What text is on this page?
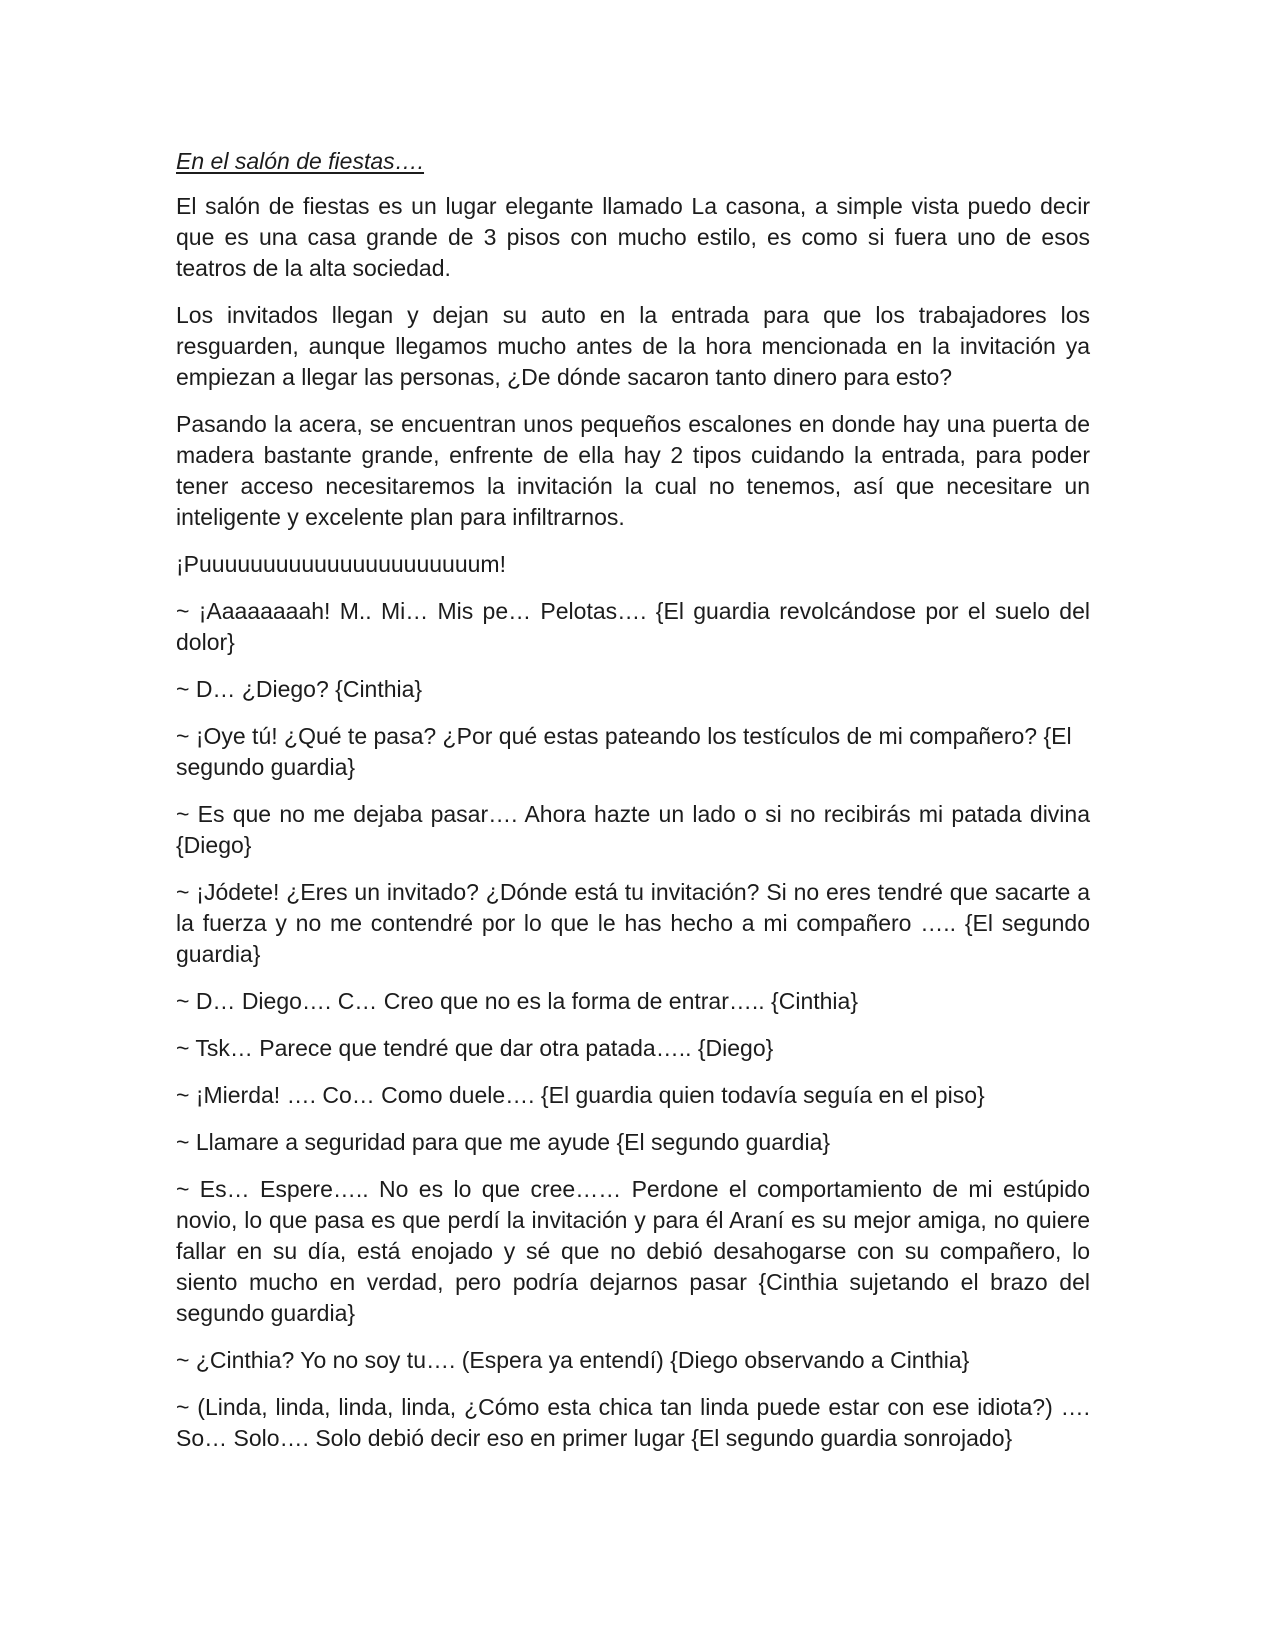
En el salón de fiestas….

El salón de fiestas es un lugar elegante llamado La casona, a simple vista puedo decir que es una casa grande de 3 pisos con mucho estilo, es como si fuera uno de esos teatros de la alta sociedad.

Los invitados llegan y dejan su auto en la entrada para que los trabajadores los resguarden, aunque llegamos mucho antes de la hora mencionada en la invitación ya empiezan a llegar las personas, ¿De dónde sacaron tanto dinero para esto?

Pasando la acera, se encuentran unos pequeños escalones en donde hay una puerta de madera bastante grande, enfrente de ella hay 2 tipos cuidando la entrada, para poder tener acceso necesitaremos la invitación la cual no tenemos, así que necesitare un inteligente y excelente plan para infiltrarnos.

¡Puuuuuuuuuuuuuuuuuuuuuum!

~ ¡Aaaaaaaah! M.. Mi… Mis pe… Pelotas…. {El guardia revolcándose por el suelo del dolor}

~ D… ¿Diego? {Cinthia}

~ ¡Oye tú! ¿Qué te pasa? ¿Por qué estas pateando los testículos de mi compañero? {El segundo guardia}

~ Es que no me dejaba pasar…. Ahora hazte un lado o si no recibirás mi patada divina {Diego}

~ ¡Jódete! ¿Eres un invitado? ¿Dónde está tu invitación? Si no eres tendré que sacarte a la fuerza y no me contendré por lo que le has hecho a mi compañero ….. {El segundo guardia}

~ D… Diego…. C… Creo que no es la forma de entrar….. {Cinthia}

~ Tsk… Parece que tendré que dar otra patada….. {Diego}

~ ¡Mierda! …. Co… Como duele…. {El guardia quien todavía seguía en el piso}

~ Llamare a seguridad para que me ayude {El segundo guardia}

~ Es… Espere….. No es lo que cree…… Perdone el comportamiento de mi estúpido novio, lo que pasa es que perdí la invitación y para él Araní es su mejor amiga, no quiere fallar en su día, está enojado y sé que no debió desahogarse con su compañero, lo siento mucho en verdad, pero podría dejarnos pasar {Cinthia sujetando el brazo del segundo guardia}

~ ¿Cinthia? Yo no soy tu…. (Espera ya entendí) {Diego observando a Cinthia}

~ (Linda, linda, linda, linda, ¿Cómo esta chica tan linda puede estar con ese idiota?) …. So… Solo…. Solo debió decir eso en primer lugar {El segundo guardia sonrojado}
